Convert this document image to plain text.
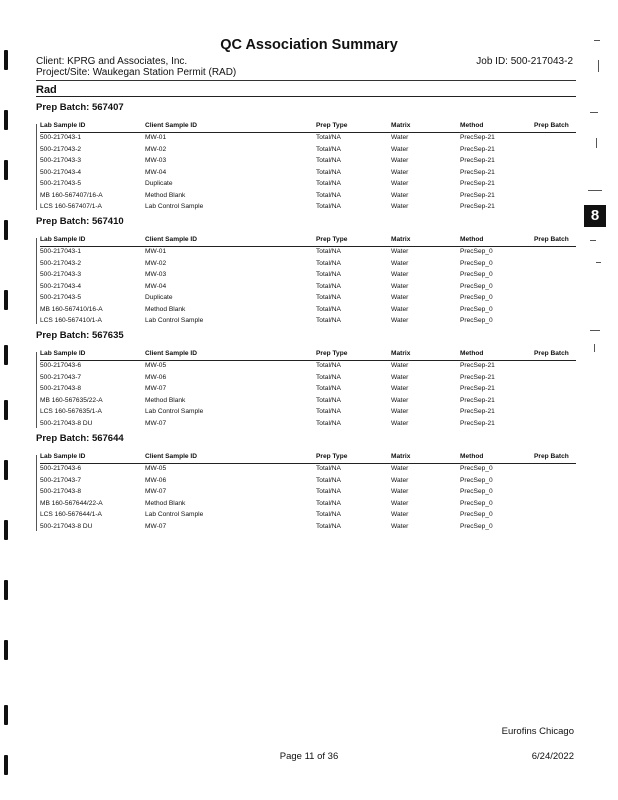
8
QC Association Summary
Client: KPRG and Associates, Inc.
Project/Site: Waukegan Station Permit (RAD)
Job ID: 500-217043-2
Rad
Prep Batch: 567407
Lab Sample ID	Client Sample ID	Prep Type	Matrix	Method	Prep Batch
500-217043-1	MW-01	Total/NA	Water	PrecSep-21
500-217043-2	MW-02	Total/NA	Water	PrecSep-21
500-217043-3	MW-03	Total/NA	Water	PrecSep-21
500-217043-4	MW-04	Total/NA	Water	PrecSep-21
500-217043-5	Duplicate	Total/NA	Water	PrecSep-21
MB 160-567407/16-A	Method Blank	Total/NA	Water	PrecSep-21
LCS 160-567407/1-A	Lab Control Sample	Total/NA	Water	PrecSep-21
Prep Batch: 567410
Lab Sample ID	Client Sample ID	Prep Type	Matrix	Method	Prep Batch
500-217043-1	MW-01	Total/NA	Water	PrecSep_0
500-217043-2	MW-02	Total/NA	Water	PrecSep_0
500-217043-3	MW-03	Total/NA	Water	PrecSep_0
500-217043-4	MW-04	Total/NA	Water	PrecSep_0
500-217043-5	Duplicate	Total/NA	Water	PrecSep_0
MB 160-567410/16-A	Method Blank	Total/NA	Water	PrecSep_0
LCS 160-567410/1-A	Lab Control Sample	Total/NA	Water	PrecSep_0
Prep Batch: 567635
Lab Sample ID	Client Sample ID	Prep Type	Matrix	Method	Prep Batch
500-217043-6	MW-05	Total/NA	Water	PrecSep-21
500-217043-7	MW-06	Total/NA	Water	PrecSep-21
500-217043-8	MW-07	Total/NA	Water	PrecSep-21
MB 160-567635/22-A	Method Blank	Total/NA	Water	PrecSep-21
LCS 160-567635/1-A	Lab Control Sample	Total/NA	Water	PrecSep-21
500-217043-8 DU	MW-07	Total/NA	Water	PrecSep-21
Prep Batch: 567644
Lab Sample ID	Client Sample ID	Prep Type	Matrix	Method	Prep Batch
500-217043-6	MW-05	Total/NA	Water	PrecSep_0
500-217043-7	MW-06	Total/NA	Water	PrecSep_0
500-217043-8	MW-07	Total/NA	Water	PrecSep_0
MB 160-567644/22-A	Method Blank	Total/NA	Water	PrecSep_0
LCS 160-567644/1-A	Lab Control Sample	Total/NA	Water	PrecSep_0
500-217043-8 DU	MW-07	Total/NA	Water	PrecSep_0
Eurofins Chicago
Page 11 of 36	6/24/2022
